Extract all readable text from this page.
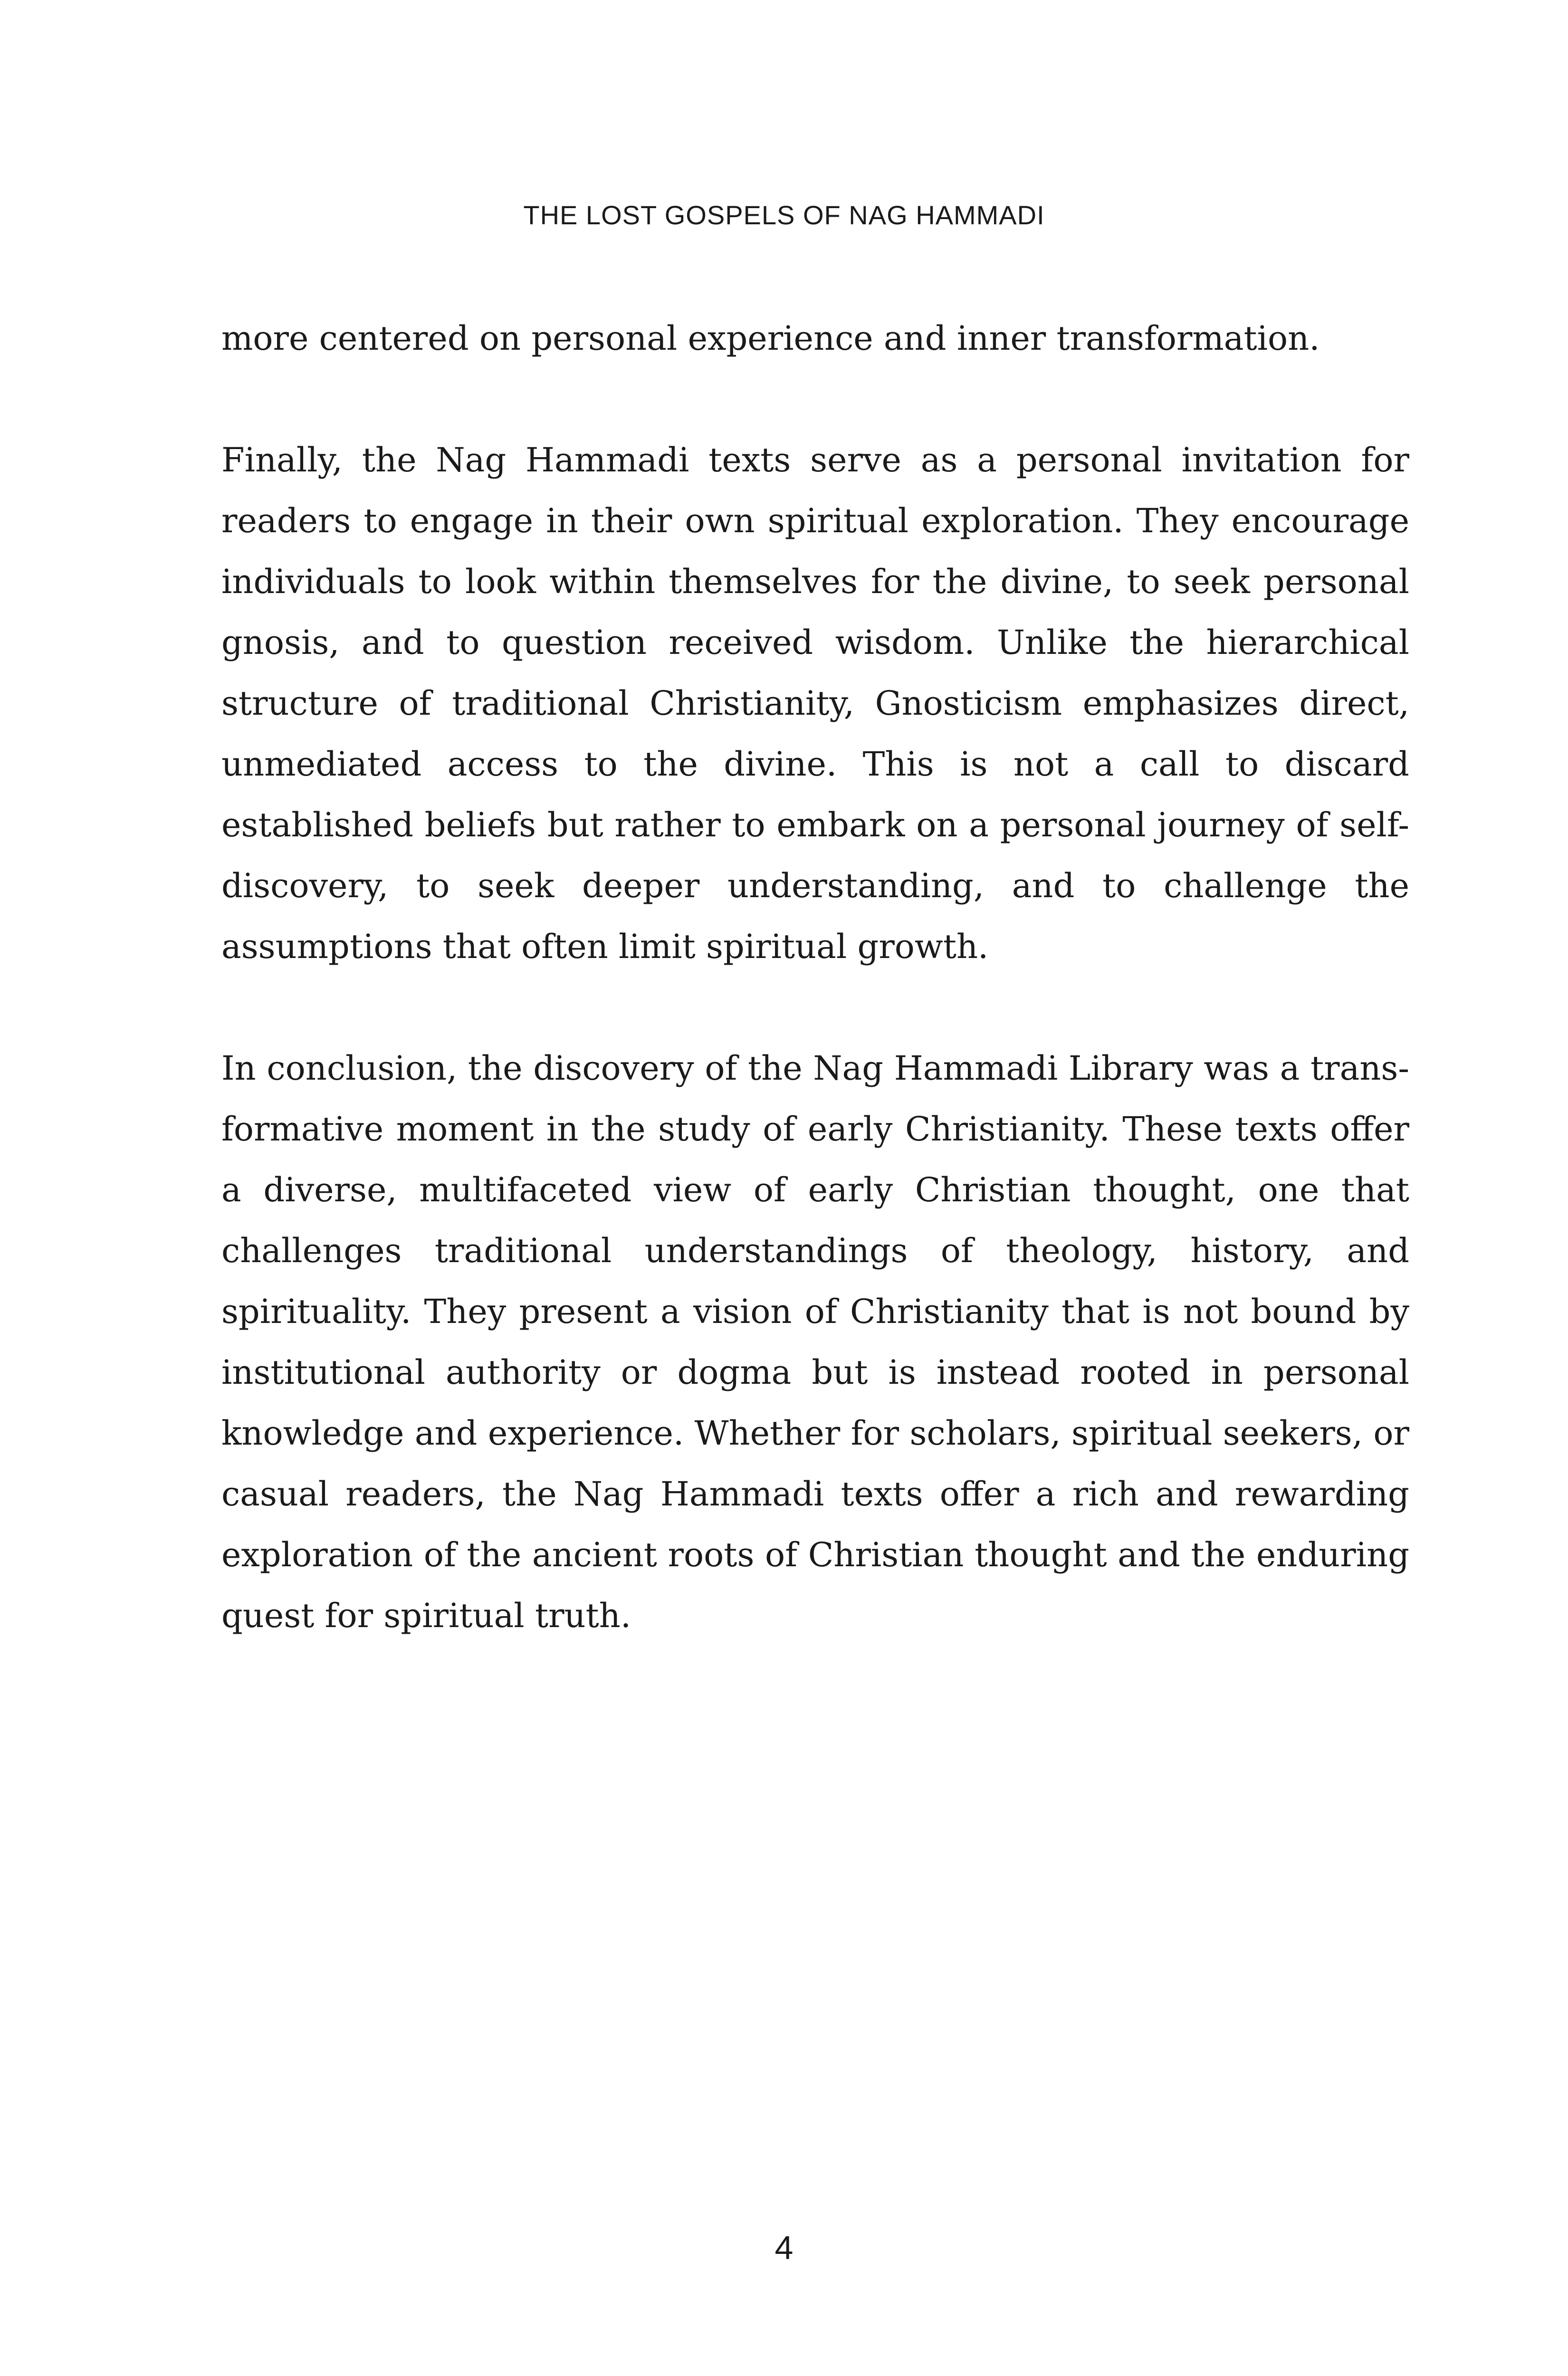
THE LOST GOSPELS OF NAG HAMMADI

more centered on personal experience and inner transformation.

Finally, the Nag Hammadi texts serve as a personal invitation for readers to engage in their own spiritual exploration. They encourage individuals to look within themselves for the divine, to seek personal gnosis, and to question received wisdom. Unlike the hierarchical structure of traditional Christianity, Gnosticism emphasizes direct, unmediated access to the divine. This is not a call to discard established beliefs but rather to embark on a personal journey of self-discovery, to seek deeper understanding, and to challenge the assumptions that often limit spiritual growth.

In conclusion, the discovery of the Nag Hammadi Library was a transformative moment in the study of early Christianity. These texts offer a diverse, multifaceted view of early Christian thought, one that challenges traditional understandings of theology, history, and spirituality. They present a vision of Christianity that is not bound by institutional authority or dogma but is instead rooted in personal knowledge and experience. Whether for scholars, spiritual seekers, or casual readers, the Nag Hammadi texts offer a rich and rewarding exploration of the ancient roots of Christian thought and the enduring quest for spiritual truth.

4
